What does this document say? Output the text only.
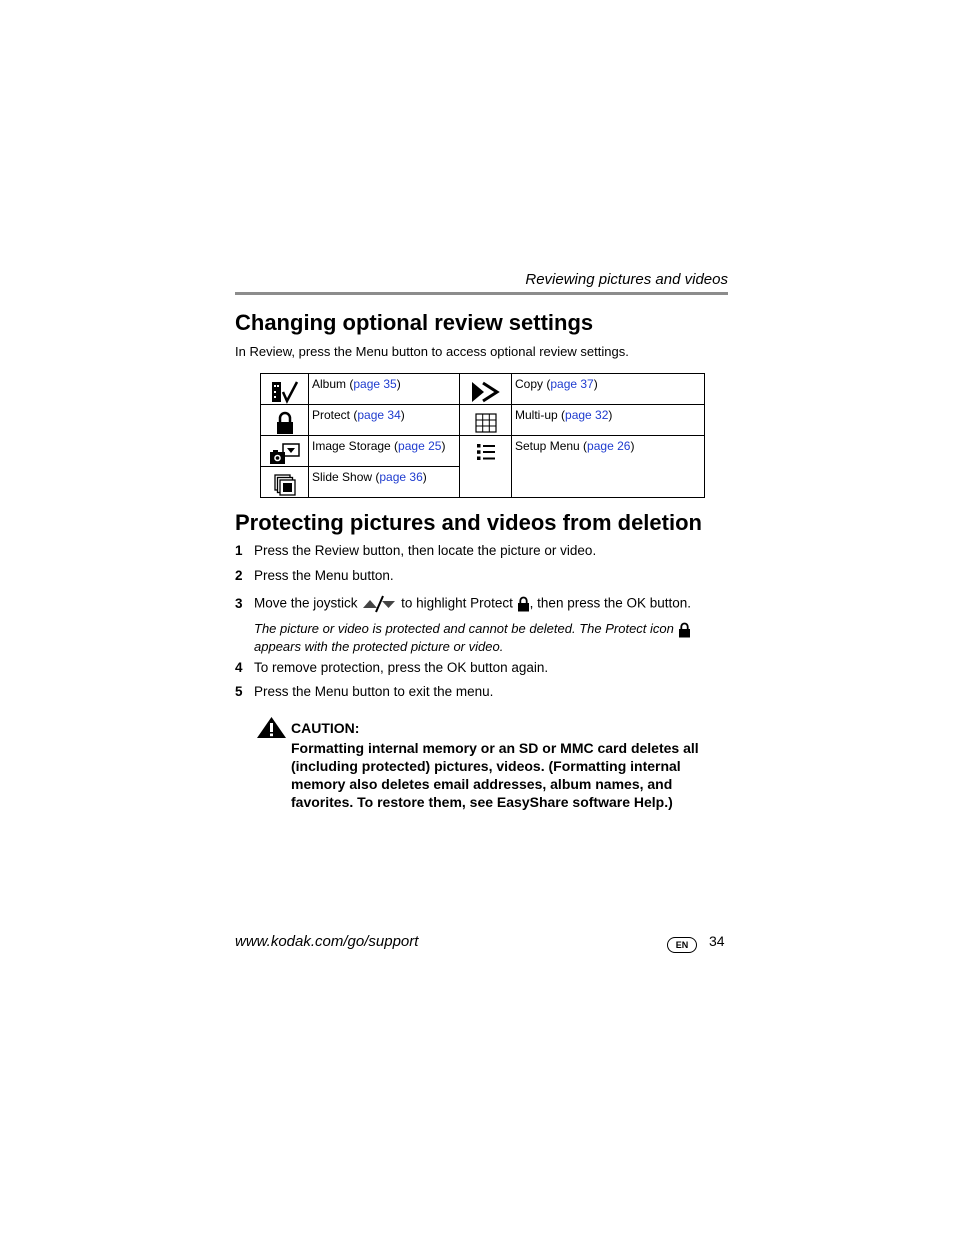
Reviewing pictures and videos
Changing optional review settings
In Review, press the Menu button to access optional review settings.

Album (page 35)		Copy (page 37)

Protect (page 34)		Multi-up (page 32)

Image Storage (page 25)		Setup Menu (page 26)

Slide Show (page 36)		
Protecting pictures and videos from deletion
1 Press the Review button, then locate the picture or video.
2 Press the Menu button.
3 Move the joystick	to highlight Protect , then press the OK button.
The picture or video is protected and cannot be deleted. The Protect icon  appears with the protected picture or video.
4 To remove protection, press the OK button again.
5 Press the Menu button to exit the menu.
CAUTION:
Formatting internal memory or an SD or MMC card deletes all (including protected) pictures, videos. (Formatting internal memory also deletes email addresses, album names, and favorites. To restore them, see EasyShare software Help.)
www.kodak.com/go/support	EN	34
